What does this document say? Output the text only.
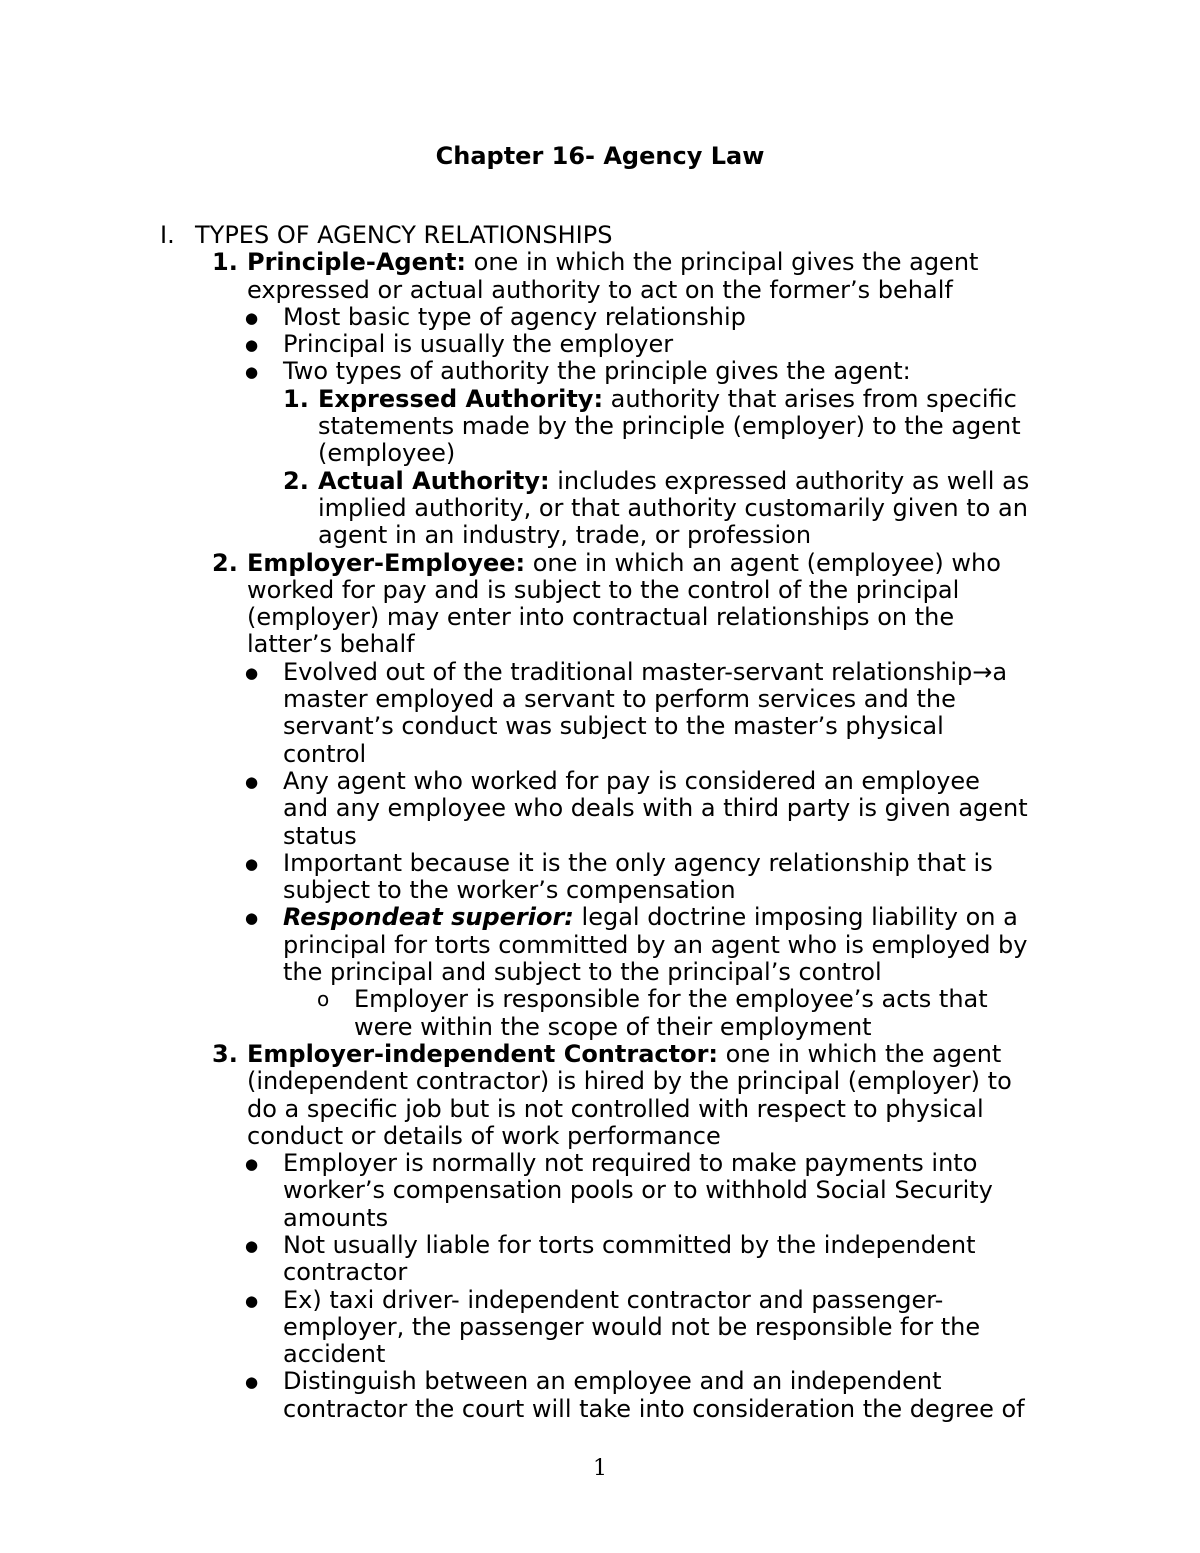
Chapter 16- Agency Law
I. TYPES OF AGENCY RELATIONSHIPS
1. Principle-Agent: one in which the principal gives the agent expressed or actual authority to act on the former’s behalf
● Most basic type of agency relationship
● Principal is usually the employer
● Two types of authority the principle gives the agent:
1. Expressed Authority: authority that arises from specific statements made by the principle (employer) to the agent (employee)
2. Actual Authority: includes expressed authority as well as implied authority, or that authority customarily given to an agent in an industry, trade, or profession
2. Employer-Employee: one in which an agent (employee) who worked for pay and is subject to the control of the principal (employer) may enter into contractual relationships on the latter’s behalf
● Evolved out of the traditional master-servant relationship→a master employed a servant to perform services and the servant’s conduct was subject to the master’s physical control
● Any agent who worked for pay is considered an employee and any employee who deals with a third party is given agent status
● Important because it is the only agency relationship that is subject to the worker’s compensation
● Respondeat superior: legal doctrine imposing liability on a principal for torts committed by an agent who is employed by the principal and subject to the principal’s control
o Employer is responsible for the employee’s acts that were within the scope of their employment
3. Employer-independent Contractor: one in which the agent (independent contractor) is hired by the principal (employer) to do a specific job but is not controlled with respect to physical conduct or details of work performance
● Employer is normally not required to make payments into worker’s compensation pools or to withhold Social Security amounts
● Not usually liable for torts committed by the independent contractor
● Ex) taxi driver- independent contractor and passenger- employer, the passenger would not be responsible for the accident
● Distinguish between an employee and an independent contractor the court will take into consideration the degree of
1
